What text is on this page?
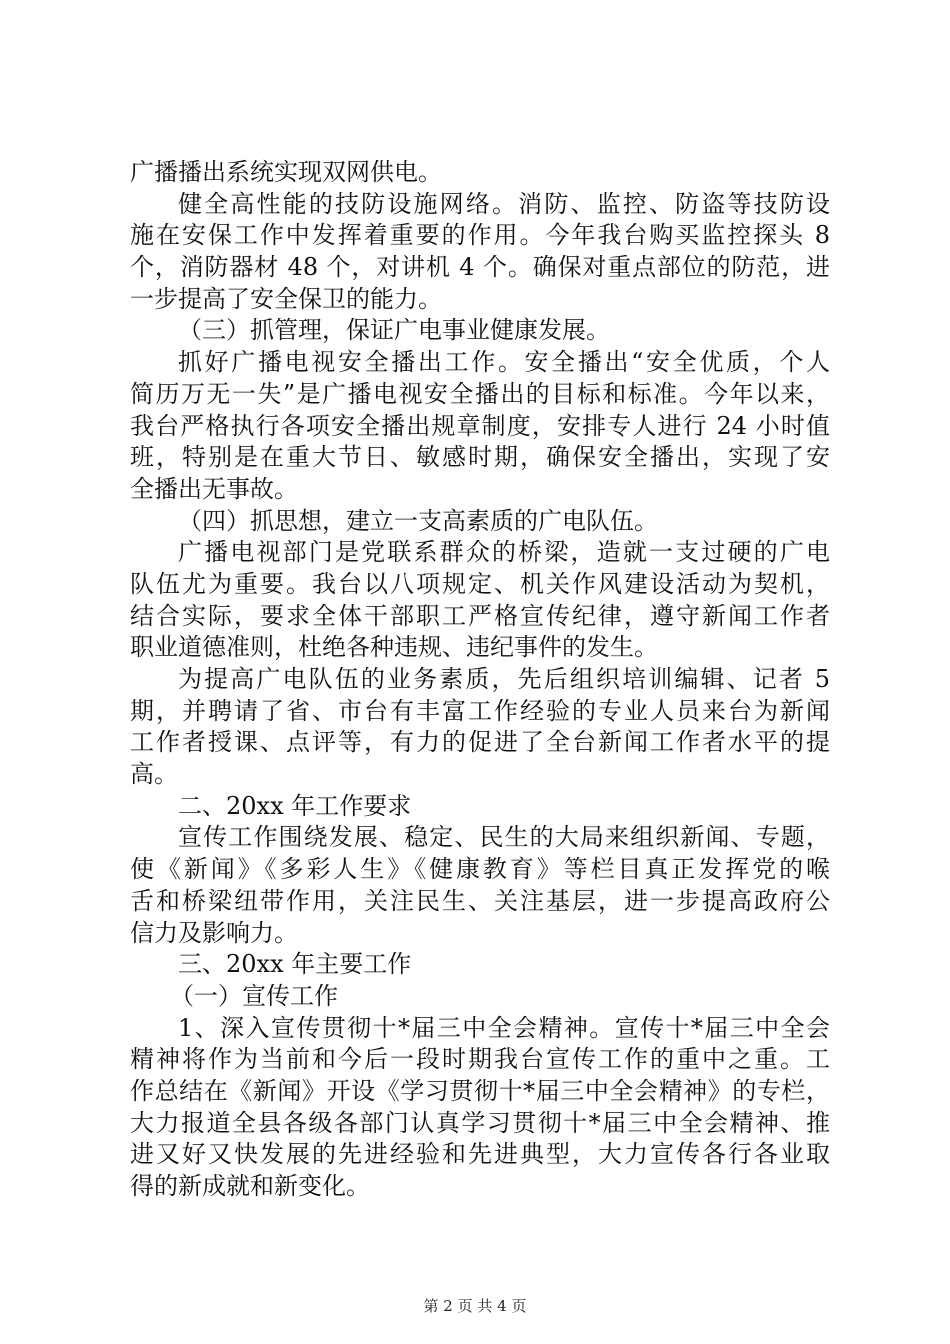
广播播出系统实现双网供电。
健全高性能的技防设施网络。消防、监控、防盗等技防设
施在安保工作中发挥着重要的作用。今年我台购买监控探头 8
个，消防器材 48 个，对讲机 4 个。确保对重点部位的防范，进
一步提高了安全保卫的能力。
（三）抓管理，保证广电事业健康发展。
抓好广播电视安全播出工作。安全播出“安全优质，个人
简历万无一失”是广播电视安全播出的目标和标准。今年以来，
我台严格执行各项安全播出规章制度，安排专人进行 24 小时值
班，特别是在重大节日、敏感时期，确保安全播出，实现了安
全播出无事故。
（四）抓思想，建立一支高素质的广电队伍。
广播电视部门是党联系群众的桥梁，造就一支过硬的广电
队伍尤为重要。我台以八项规定、机关作风建设活动为契机，
结合实际，要求全体干部职工严格宣传纪律，遵守新闻工作者
职业道德准则，杜绝各种违规、违纪事件的发生。
为提高广电队伍的业务素质，先后组织培训编辑、记者 5
期，并聘请了省、市台有丰富工作经验的专业人员来台为新闻
工作者授课、点评等，有力的促进了全台新闻工作者水平的提
高。
二、20xx 年工作要求
宣传工作围绕发展、稳定、民生的大局来组织新闻、专题，
使《新闻》《多彩人生》《健康教育》等栏目真正发挥党的喉
舌和桥梁纽带作用，关注民生、关注基层，进一步提高政府公
信力及影响力。
三、20xx 年主要工作
（一）宣传工作
1、深入宣传贯彻十*届三中全会精神。宣传十*届三中全会
精神将作为当前和今后一段时期我台宣传工作的重中之重。工
作总结在《新闻》开设《学习贯彻十*届三中全会精神》的专栏，
大力报道全县各级各部门认真学习贯彻十*届三中全会精神、推
进又好又快发展的先进经验和先进典型，大力宣传各行各业取
得的新成就和新变化。
第 2 页 共 4 页
